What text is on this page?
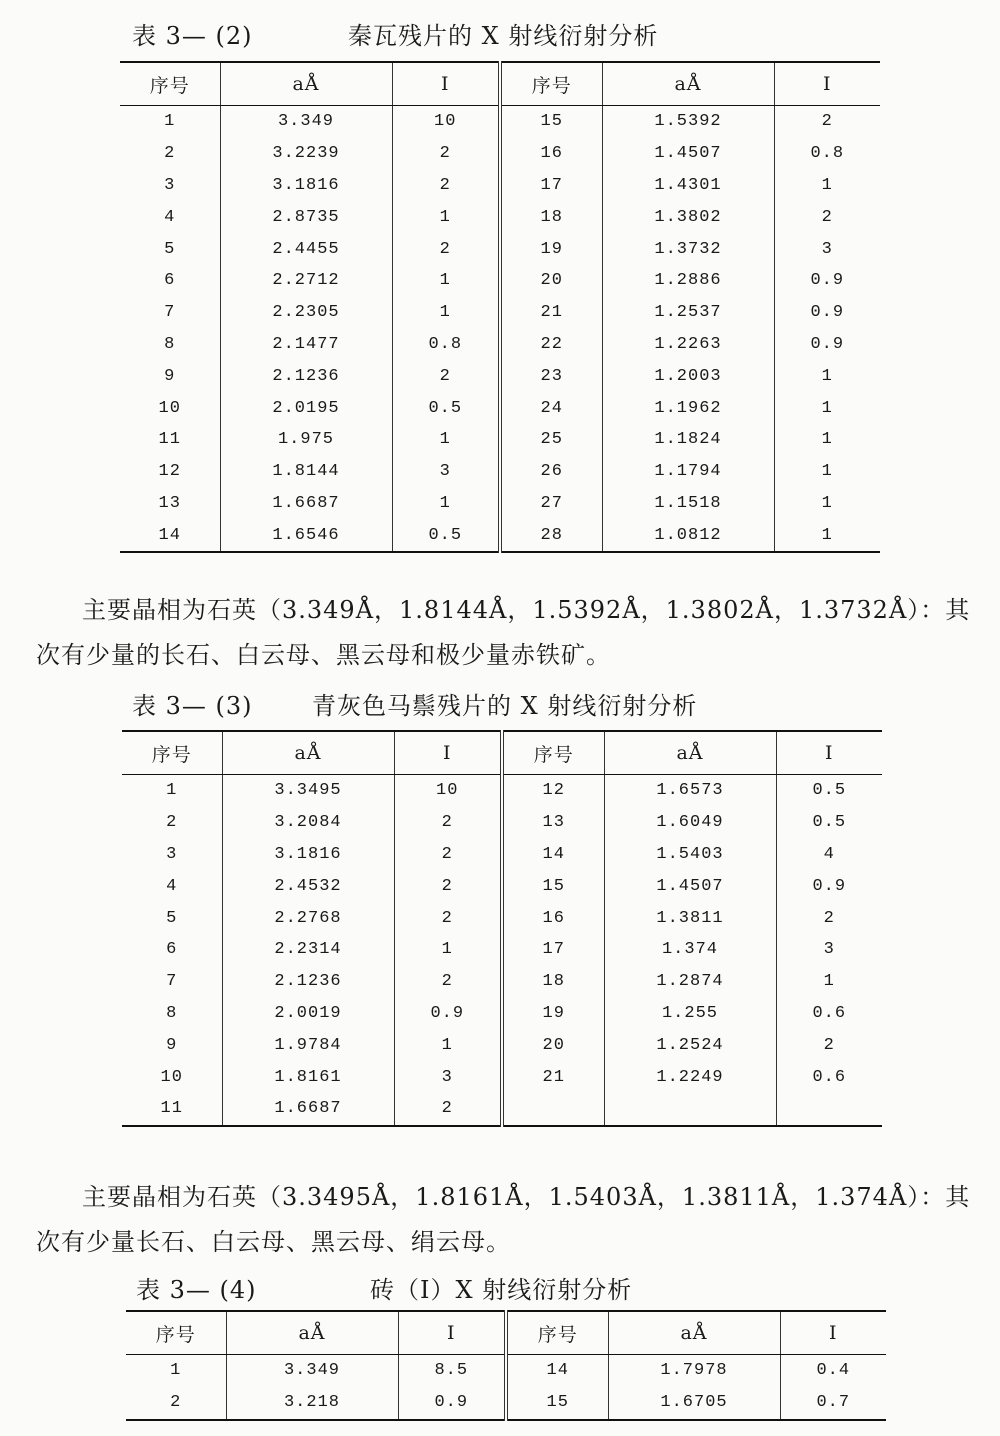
表 3— (2)	秦瓦残片的 X 射线衍射分析
序号	aÅ	I	序号	aÅ	I
1	3.349	10	15	1.5392	2
2	3.2239	2	16	1.4507	0.8
3	3.1816	2	17	1.4301	1
4	2.8735	1	18	1.3802	2
5	2.4455	2	19	1.3732	3
6	2.2712	1	20	1.2886	0.9
7	2.2305	1	21	1.2537	0.9
8	2.1477	0.8	22	1.2263	0.9
9	2.1236	2	23	1.2003	1
10	2.0195	0.5	24	1.1962	1
11	1.975	1	25	1.1824	1
12	1.8144	3	26	1.1794	1
13	1.6687	1	27	1.1518	1
14	1.6546	0.5	28	1.0812	1

主要晶相为石英（3.349Å，1.8144Å，1.5392Å，1.3802Å，1.3732Å）：其次有少量的长石、白云母、黑云母和极少量赤铁矿。

表 3— (3) 青灰色马鬃残片的 X 射线衍射分析
序号	aÅ	I	序号	aÅ	I
1	3.3495	10	12	1.6573	0.5
2	3.2084	2	13	1.6049	0.5
3	3.1816	2	14	1.5403	4
4	2.4532	2	15	1.4507	0.9
5	2.2768	2	16	1.3811	2
6	2.2314	1	17	1.374	3
7	2.1236	2	18	1.2874	1
8	2.0019	0.9	19	1.255	0.6
9	1.9784	1	20	1.2524	2
10	1.8161	3	21	1.2249	0.6
11	1.6687	2			

主要晶相为石英（3.3495Å，1.8161Å，1.5403Å，1.3811Å，1.374Å）：其次有少量长石、白云母、黑云母、绢云母。

表 3— (4)	砖（I）X 射线衍射分析
序号	aÅ	I	序号	aÅ	I
1	3.349	8.5	14	1.7978	0.4
2	3.218	0.9	15	1.6705	0.7
